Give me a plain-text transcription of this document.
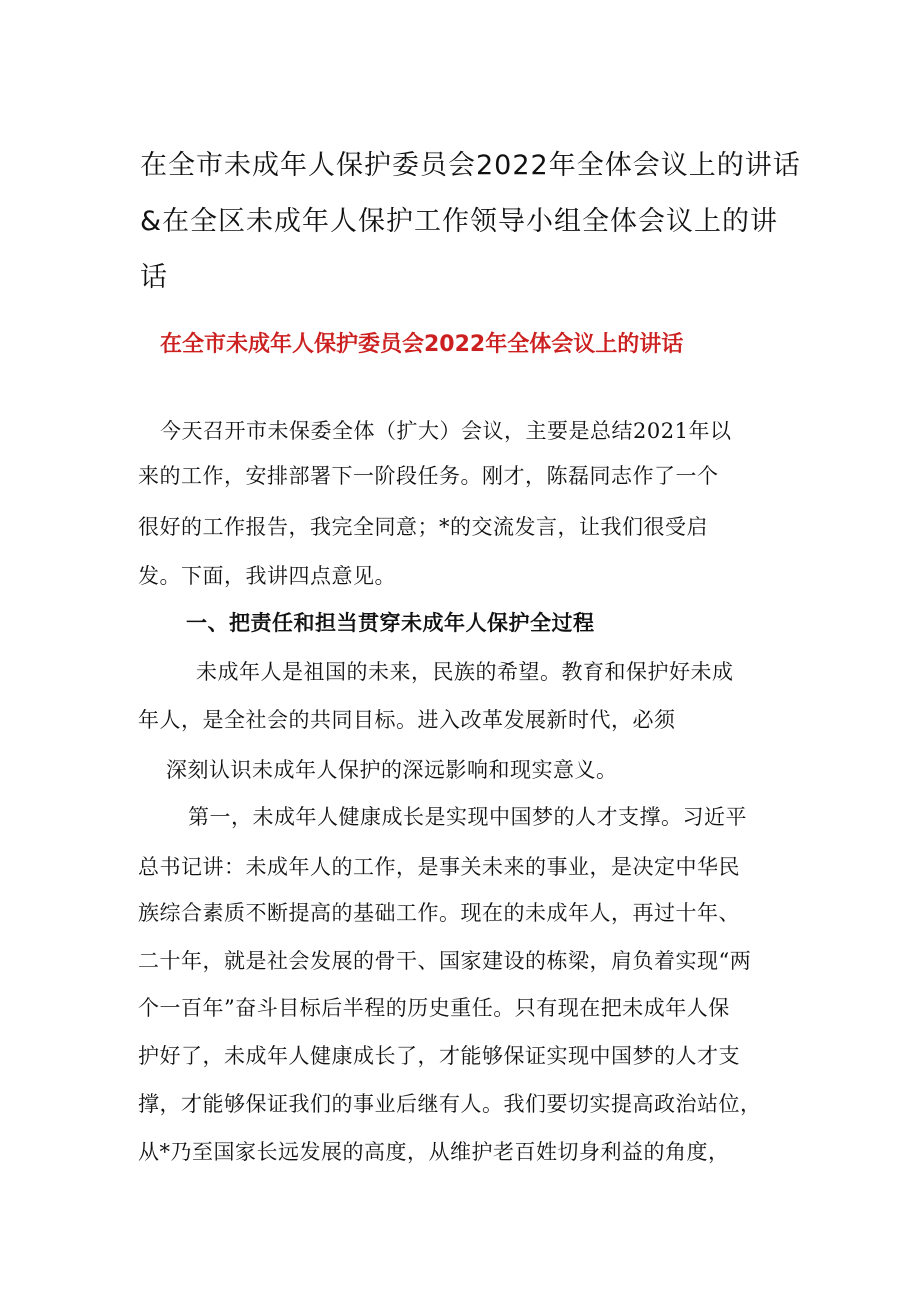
在全市未成年人保护委员会2022年全体会议上的讲话
&在全区未成年人保护工作领导小组全体会议上的讲
话
在全市未成年人保护委员会2022年全体会议上的讲话
今天召开市未保委全体（扩大）会议，主要是总结2021年以
来的工作，安排部署下一阶段任务。刚才，陈磊同志作了一个
很好的工作报告，我完全同意；*的交流发言，让我们很受启
发。下面，我讲四点意见。
一、把责任和担当贯穿未成年人保护全过程
未成年人是祖国的未来，民族的希望。教育和保护好未成
年人，是全社会的共同目标。进入改革发展新时代，必须
深刻认识未成年人保护的深远影响和现实意义。
第一，未成年人健康成长是实现中国梦的人才支撑。习近平
总书记讲：未成年人的工作，是事关未来的事业，是决定中华民
族综合素质不断提高的基础工作。现在的未成年人，再过十年、
二十年，就是社会发展的骨干、国家建设的栋梁，肩负着实现“两
个一百年”奋斗目标后半程的历史重任。只有现在把未成年人保
护好了，未成年人健康成长了，才能够保证实现中国梦的人才支
撑，才能够保证我们的事业后继有人。我们要切实提高政治站位，
从*乃至国家长远发展的高度，从维护老百姓切身利益的角度，
